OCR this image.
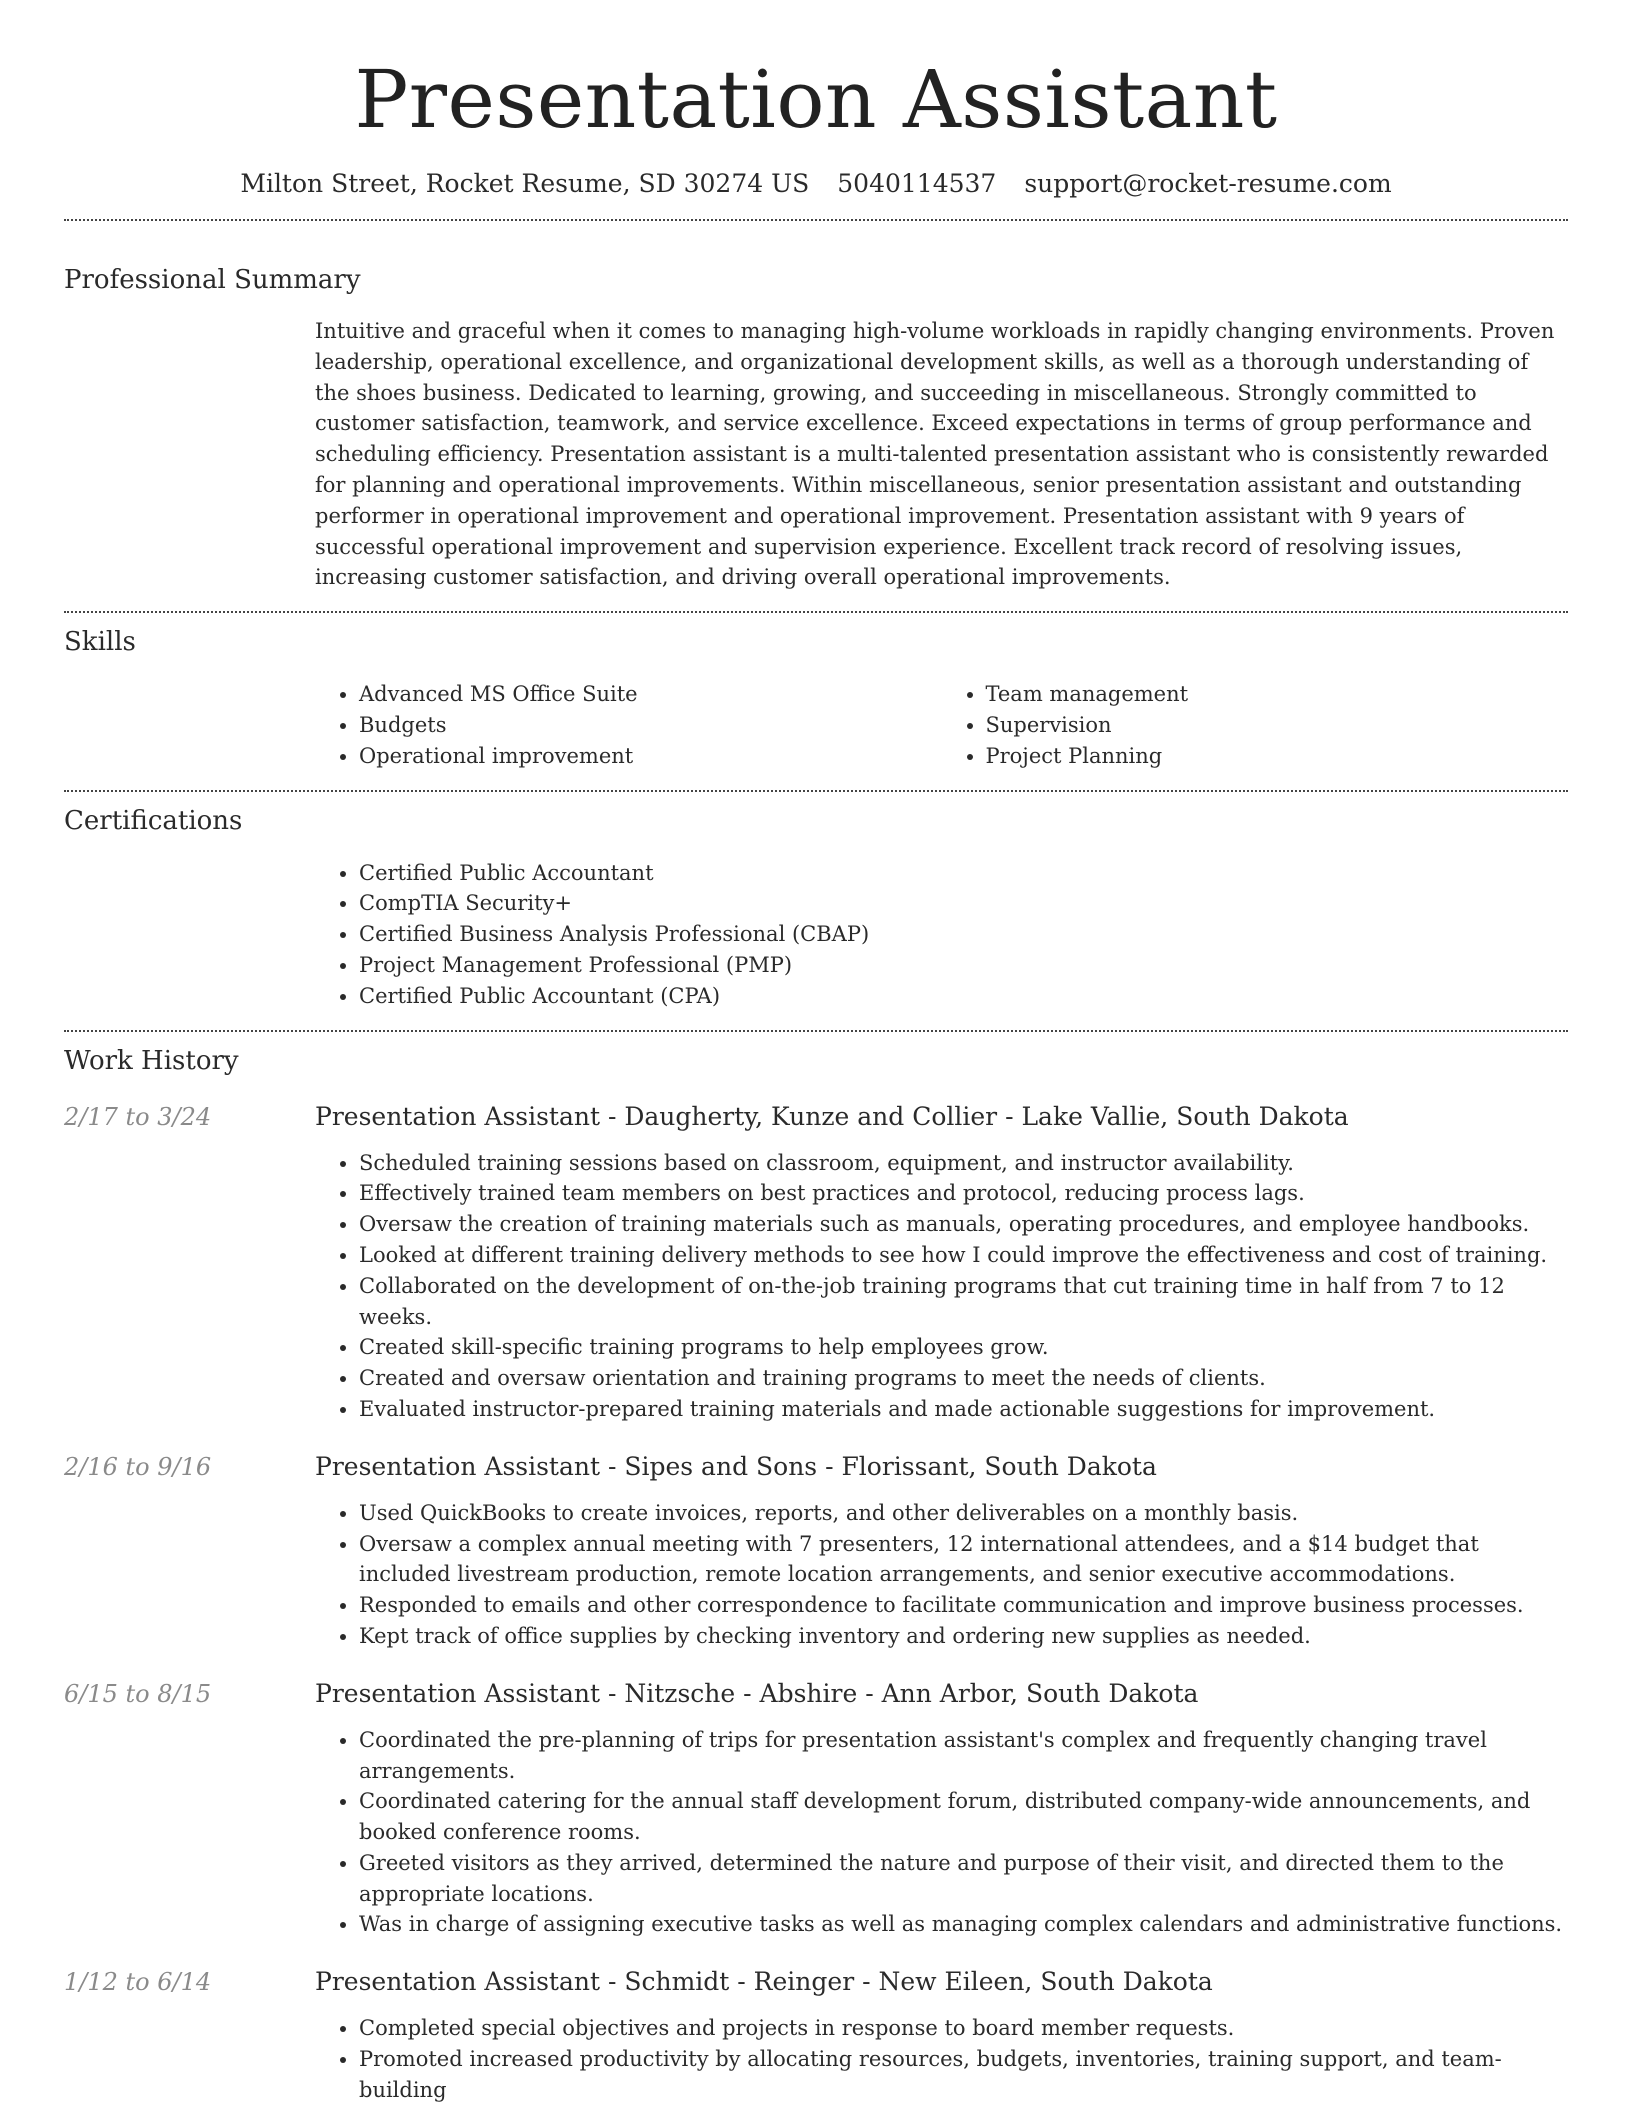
Presentation Assistant
Milton Street, Rocket Resume, SD 30274 US 5040114537 support@rocket-resume.com
Professional Summary
Intuitive and graceful when it comes to managing high-volume workloads in rapidly changing environments. Proven leadership, operational excellence, and organizational development skills, as well as a thorough understanding of the shoes business. Dedicated to learning, growing, and succeeding in miscellaneous. Strongly committed to customer satisfaction, teamwork, and service excellence. Exceed expectations in terms of group performance and scheduling efficiency. Presentation assistant is a multi-talented presentation assistant who is consistently rewarded for planning and operational improvements. Within miscellaneous, senior presentation assistant and outstanding performer in operational improvement and operational improvement. Presentation assistant with 9 years of successful operational improvement and supervision experience. Excellent track record of resolving issues, increasing customer satisfaction, and driving overall operational improvements.
Skills
• Advanced MS Office Suite
• Budgets
• Operational improvement
• Team management
• Supervision
• Project Planning
Certifications
• Certified Public Accountant
• CompTIA Security+
• Certified Business Analysis Professional (CBAP)
• Project Management Professional (PMP)
• Certified Public Accountant (CPA)
Work History
2/17 to 3/24	Presentation Assistant - Daugherty, Kunze and Collier - Lake Vallie, South Dakota
• Scheduled training sessions based on classroom, equipment, and instructor availability.
• Effectively trained team members on best practices and protocol, reducing process lags.
• Oversaw the creation of training materials such as manuals, operating procedures, and employee handbooks.
• Looked at different training delivery methods to see how I could improve the effectiveness and cost of training.
• Collaborated on the development of on-the-job training programs that cut training time in half from 7 to 12 weeks.
• Created skill-specific training programs to help employees grow.
• Created and oversaw orientation and training programs to meet the needs of clients.
• Evaluated instructor-prepared training materials and made actionable suggestions for improvement.
2/16 to 9/16	Presentation Assistant - Sipes and Sons - Florissant, South Dakota
• Used QuickBooks to create invoices, reports, and other deliverables on a monthly basis.
• Oversaw a complex annual meeting with 7 presenters, 12 international attendees, and a $14 budget that included livestream production, remote location arrangements, and senior executive accommodations.
• Responded to emails and other correspondence to facilitate communication and improve business processes.
• Kept track of office supplies by checking inventory and ordering new supplies as needed.
6/15 to 8/15	Presentation Assistant - Nitzsche - Abshire - Ann Arbor, South Dakota
• Coordinated the pre-planning of trips for presentation assistant's complex and frequently changing travel arrangements.
• Coordinated catering for the annual staff development forum, distributed company-wide announcements, and booked conference rooms.
• Greeted visitors as they arrived, determined the nature and purpose of their visit, and directed them to the appropriate locations.
• Was in charge of assigning executive tasks as well as managing complex calendars and administrative functions.
1/12 to 6/14	Presentation Assistant - Schmidt - Reinger - New Eileen, South Dakota
• Completed special objectives and projects in response to board member requests.
• Promoted increased productivity by allocating resources, budgets, inventories, training support, and team-building
